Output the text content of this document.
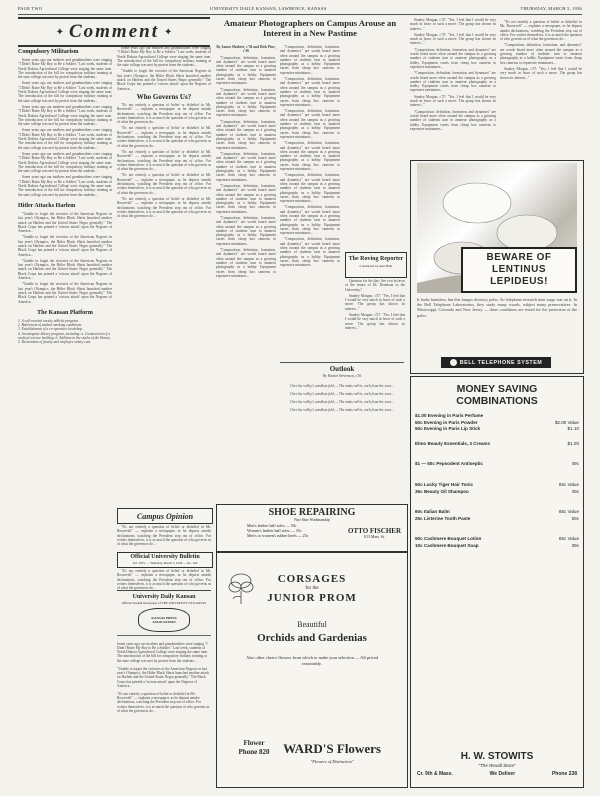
PAGE TWO	UNIVERSITY DAILY KANSAN, LAWRENCE, KANSAS	THURSDAY, MARCH 5, 1936
✦ Comment ✦
Compulsory Militarism

Some years ago our mothers and grandmothers were singing "I Didn't Raise My Boy to Be a Soldier." Last week, students of North Dakota Agricultural College were singing the same tune. The introduction of the bill for compulsory military training at the state college was met by protest from the students...

Some years ago our mothers and grandmothers were singing "I Didn't Raise My Boy to Be a Soldier." Last week, students of North Dakota Agricultural College were singing the same tune. The introduction of the bill for compulsory military training at the state college was met by protest from the students...

Some years ago our mothers and grandmothers were singing "I Didn't Raise My Boy to Be a Soldier." Last week, students of North Dakota Agricultural College were singing the same tune. The introduction of the bill for compulsory military training at the state college was met by protest from the students...

Some years ago our mothers and grandmothers were singing "I Didn't Raise My Boy to Be a Soldier." Last week, students of North Dakota Agricultural College were singing the same tune. The introduction of the bill for compulsory military training at the state college was met by protest from the students...

Some years ago our mothers and grandmothers were singing "I Didn't Raise My Boy to Be a Soldier." Last week, students of North Dakota Agricultural College were singing the same tune. The introduction of the bill for compulsory military training at the state college was met by protest from the students...

Some years ago our mothers and grandmothers were singing "I Didn't Raise My Boy to Be a Soldier." Last week, students of North Dakota Agricultural College were singing the same tune. The introduction of the bill for compulsory military training at the state college was met by protest from the students...

Hitler Attacks Harlem

"Unable to forget the victories of the American Negroes in last year's Olympics, the Hitler Black Shirts launched another attack on Harlem and the United States Negro generally." The Black Corps has printed a 'vicious attack' upon the Negroes of America...

"Unable to forget the victories of the American Negroes in last year's Olympics, the Hitler Black Shirts launched another attack on Harlem and the United States Negro generally." The Black Corps has printed a 'vicious attack' upon the Negroes of America...

"Unable to forget the victories of the American Negroes in last year's Olympics, the Hitler Black Shirts launched another attack on Harlem and the United States Negro generally." The Black Corps has printed a 'vicious attack' upon the Negroes of America...

"Unable to forget the victories of the American Negroes in last year's Olympics, the Hitler Black Shirts launched another attack on Harlem and the United States Negro generally." The Black Corps has printed a 'vicious attack' upon the Negroes of America...

The Kansan Platform
1. A self-counted varsity athletic program.
2. Betterment of student smoking conditions.
3. Establishment of a co-operative bookshop.
4. An adequate library program, including: a. Construction of a medical science building. b. Addition to the stacks of the library.
5. Restoration of faculty and employee salary cuts.

Some years ago our mothers and grandmothers were singing "I Didn't Raise My Boy to Be a Soldier." Last week, students of North Dakota Agricultural College were singing the same tune. The introduction of the bill for compulsory military training at the state college was met by protest from the students...

"Unable to forget the victories of the American Negroes in last year's Olympics, the Hitler Black Shirts launched another attack on Harlem and the United States Negro generally." The Black Corps has printed a 'vicious attack' upon the Negroes of America...

Who Governs Us?

"It's not entirely a question of belief or disbelief in Mr. Roosevelt" — explains a newspaper, as he departs amidst declarations, watching the President step out of office. For writers themselves, it is as much the question of who governs as of what the governors do...

"It's not entirely a question of belief or disbelief in Mr. Roosevelt" — explains a newspaper, as he departs amidst declarations, watching the President step out of office. For writers themselves, it is as much the question of who governs as of what the governors do...

"It's not entirely a question of belief or disbelief in Mr. Roosevelt" — explains a newspaper, as he departs amidst declarations, watching the President step out of office. For writers themselves, it is as much the question of who governs as of what the governors do...

"It's not entirely a question of belief or disbelief in Mr. Roosevelt" — explains a newspaper, as he departs amidst declarations, watching the President step out of office. For writers themselves, it is as much the question of who governs as of what the governors do...

"It's not entirely a question of belief or disbelief in Mr. Roosevelt" — explains a newspaper, as he departs amidst declarations, watching the President step out of office. For writers themselves, it is as much the question of who governs as of what the governors do...

Campus Opinion

"It's not entirely a question of belief or disbelief in Mr. Roosevelt" — explains a newspaper, as he departs amidst declarations, watching the President step out of office. For writers themselves, it is as much the question of who governs as of what the governors do...

Official University Bulletin
Vol. XXV — Thursday, March 5, 1936 — No. 100

"It's not entirely a question of belief or disbelief in Mr. Roosevelt" — explains a newspaper, as he departs amidst declarations, watching the President step out of office. For writers themselves, it is as much the question of who governs as of what the governors do...

University Daily Kansan
Official Student Newspaper of THE UNIVERSITY OF KANSAS
KANSAS PRESS ASSOCIATION

Some years ago our mothers and grandmothers were singing "I Didn't Raise My Boy to Be a Soldier." Last week, students of North Dakota Agricultural College were singing the same tune. The introduction of the bill for compulsory military training at the state college was met by protest from the students...

"Unable to forget the victories of the American Negroes in last year's Olympics, the Hitler Black Shirts launched another attack on Harlem and the United States Negro generally." The Black Corps has printed a 'vicious attack' upon the Negroes of America...

"It's not entirely a question of belief or disbelief in Mr. Roosevelt" — explains a newspaper, as he departs amidst declarations, watching the President step out of office. For writers themselves, it is as much the question of who governs as of what the governors do...

Amateur Photographers on Campus Arouse an Interest in a New Pastime
By James Shubert, c'36 and Dick Pine, c'36

"Composition, definition, formation, and dynamics" are words heard more often around the campus as a growing number of students turn to amateur photography as a hobby. Equipment varies from cheap box cameras to expensive miniatures...

"Composition, definition, formation, and dynamics" are words heard more often around the campus as a growing number of students turn to amateur photography as a hobby. Equipment varies from cheap box cameras to expensive miniatures...

"Composition, definition, formation, and dynamics" are words heard more often around the campus as a growing number of students turn to amateur photography as a hobby. Equipment varies from cheap box cameras to expensive miniatures...

"Composition, definition, formation, and dynamics" are words heard more often around the campus as a growing number of students turn to amateur photography as a hobby. Equipment varies from cheap box cameras to expensive miniatures...

"Composition, definition, formation, and dynamics" are words heard more often around the campus as a growing number of students turn to amateur photography as a hobby. Equipment varies from cheap box cameras to expensive miniatures...

"Composition, definition, formation, and dynamics" are words heard more often around the campus as a growing number of students turn to amateur photography as a hobby. Equipment varies from cheap box cameras to expensive miniatures...

"Composition, definition, formation, and dynamics" are words heard more often around the campus as a growing number of students turn to amateur photography as a hobby. Equipment varies from cheap box cameras to expensive miniatures...

"Composition, definition, formation, and dynamics" are words heard more often around the campus as a growing number of students turn to amateur photography as a hobby. Equipment varies from cheap box cameras to expensive miniatures...

"Composition, definition, formation, and dynamics" are words heard more often around the campus as a growing number of students turn to amateur photography as a hobby. Equipment varies from cheap box cameras to expensive miniatures...

"Composition, definition, formation, and dynamics" are words heard more often around the campus as a growing number of students turn to amateur photography as a hobby. Equipment varies from cheap box cameras to expensive miniatures...

"Composition, definition, formation, and dynamics" are words heard more often around the campus as a growing number of students turn to amateur photography as a hobby. Equipment varies from cheap box cameras to expensive miniatures...

"Composition, definition, formation, and dynamics" are words heard more often around the campus as a growing number of students turn to amateur photography as a hobby. Equipment varies from cheap box cameras to expensive miniatures...

"Composition, definition, formation, and dynamics" are words heard more often around the campus as a growing number of students turn to amateur photography as a hobby. Equipment varies from cheap box cameras to expensive miniatures...

"Composition, definition, formation, and dynamics" are words heard more often around the campus as a growing number of students turn to amateur photography as a hobby. Equipment varies from cheap box cameras to expensive miniatures...

The Roving Reporter
Conducted by Ann Blair

Question for the day: Are you in favor of the return of Dr. Dennison to the University?

Stanley Morgan, c'37: "Yes, I feel that I would be very much in favor of such a move. The group has shown its interest..."

Stanley Morgan, c'37: "Yes, I feel that I would be very much in favor of such a move. The group has shown its interest..."

Outlook
By Harriet Stevenson, c'36

Over the valley's windless fold — The mists roll in, each from the west...

Over the valley's windless fold — The mists roll in, each from the west...

Over the valley's windless fold — The mists roll in, each from the west...

Over the valley's windless fold — The mists roll in, each from the west...

SHOE REPAIRING
Fine Shoe Workmanship
Men's leather half soles — 50c
Women's leather half soles — 35c
Men's or women's rubber heels — 25c
OTTO FISCHER
813 Mass. St.
CORSAGES
for the
JUNIOR PROM
Beautiful
Orchids and Gardenias
Also other choice flowers from which to make your selection — All priced reasonably.
Flower Phone 820	WARD'S Flowers
"Flowers of Distinction"

Stanley Morgan, c'37: "Yes, I feel that I would be very much in favor of such a move. The group has shown its interest..."

Stanley Morgan, c'37: "Yes, I feel that I would be very much in favor of such a move. The group has shown its interest..."

"Composition, definition, formation, and dynamics" are words heard more often around the campus as a growing number of students turn to amateur photography as a hobby. Equipment varies from cheap box cameras to expensive miniatures...

"Composition, definition, formation, and dynamics" are words heard more often around the campus as a growing number of students turn to amateur photography as a hobby. Equipment varies from cheap box cameras to expensive miniatures...

Stanley Morgan, c'37: "Yes, I feel that I would be very much in favor of such a move. The group has shown its interest..."

"Composition, definition, formation, and dynamics" are words heard more often around the campus as a growing number of students turn to amateur photography as a hobby. Equipment varies from cheap box cameras to expensive miniatures...

"It's not entirely a question of belief or disbelief in Mr. Roosevelt" — explains a newspaper, as he departs amidst declarations, watching the President step out of office. For writers themselves, it is as much the question of who governs as of what the governors do...

"Composition, definition, formation, and dynamics" are words heard more often around the campus as a growing number of students turn to amateur photography as a hobby. Equipment varies from cheap box cameras to expensive miniatures...

Stanley Morgan, c'37: "Yes, I feel that I would be very much in favor of such a move. The group has shown its interest..."

BEWARE OF LENTINUS LEPIDEUS!
It looks harmless, but this fungus destroys poles. So telephone research men wage war on it. In the Bell Telephone Laboratories, they study many woods, subject many preservatives. In Mississippi, Colorado and New Jersey — these conditions are tested for the protection of the poles.
BELL TELEPHONE SYSTEM
MONEY SAVING COMBINATIONS
$1.00 Evening in Paris Perfume
50c Evening in Paris Powder	$2.00 Value
50c Evening in Paris Lip Stick	$1.10
Elmo Beauty Essentials, 3 Creams	$1.00
$1 — 50c Pepsodent Antiseptic	49c
50c Lucky Tiger Hair Tonic	85c Value
35c Beauty Oil Shampoo	49c
60c Italian Balm	85c Value
25c Listerine Tooth Paste	59c
50c Cashmere Bouquet Lotion	85c Value
10c Cashmere Bouquet Soap	39c
H. W. STOWITS
"The Rexall Store"
Cr. 9th & Mass.	We Deliver	Phone 238
